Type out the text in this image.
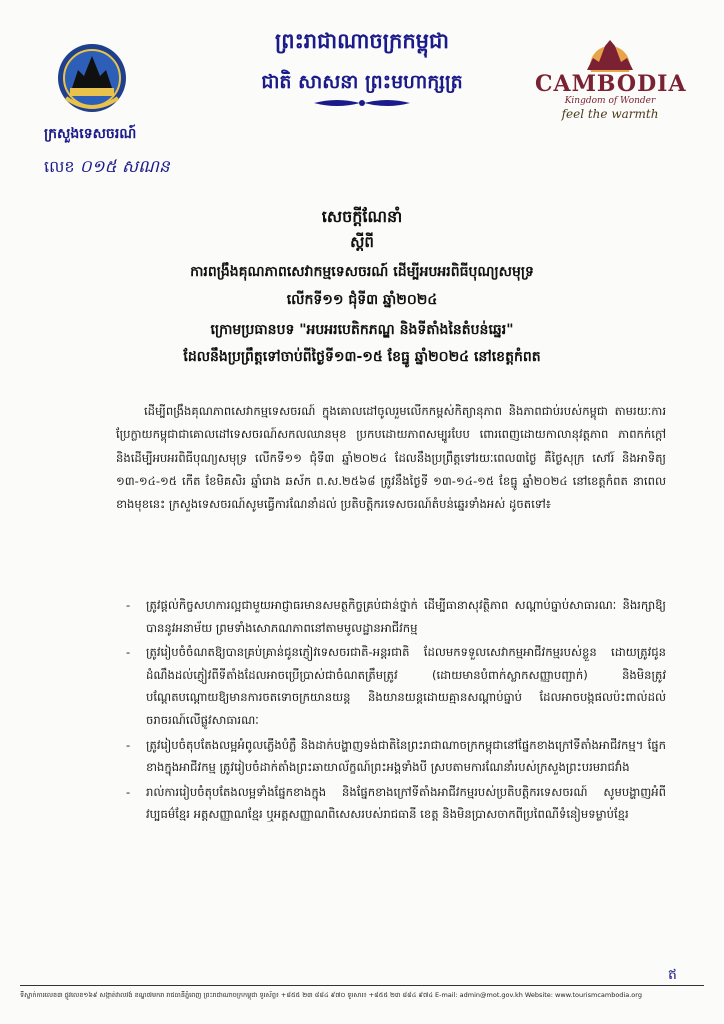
ព្រះរាជាណាចក្រកម្ពុជា
ជាតិ សាសនា ព្រះមហាក្សត្រ
ក្រសួងទេសចរណ៍
លេខ ០១៥ សណន
CAMBODIA
Kingdom of Wonder
feel the warmth
សេចក្តីណែនាំ
ស្តីពី
ការពង្រឹងគុណភាពសេវាកម្មទេសចរណ៍ ដើម្បីអបអរពិធីបុណ្យសមុទ្រ
លើកទី១១ ជុំទី៣ ឆ្នាំ២០២៤
ក្រោមប្រធានបទ "អបអរបេតិកភណ្ឌ និងទីតាំងនៃតំបន់ឆ្នេរ"
ដែលនឹងប្រព្រឹត្តទៅចាប់ពីថ្ងៃទី១៣-១៥ ខែធ្នូ ឆ្នាំ២០២៤ នៅខេត្តកំពត
ដើម្បីពង្រឹងគុណភាពសេវាកម្មទេសចរណ៍ ក្នុងគោលដៅចូលរួមលើកកម្ពស់កិត្យានុភាព និងភាពជាប់របស់កម្ពុជា តាមរយៈការប្រែក្លាយកម្ពុជាជាគោលដៅទេសចរណ៍សកលឈានមុខ ប្រកបដោយភាពសម្បូរបែប ពោរពេញដោយកាលានុវត្តភាព ភាពកក់ក្តៅ និងដើម្បីអបអរពិធីបុណ្យសមុទ្រ លើកទី១១ ជុំទី៣ ឆ្នាំ២០២៤ ដែលនឹងប្រព្រឹត្តទៅរយៈពេល៣ថ្ងៃ គឺថ្ងៃសុក្រ សៅរ៍ និងអាទិត្យ ១៣-១៤-១៥ កើត ខែមិគសិរ ឆ្នាំរោង ឆស័ក ព.ស.២៥៦៨ ត្រូវនឹងថ្ងៃទី ១៣-១៤-១៥ ខែធ្នូ ឆ្នាំ២០២៤ នៅខេត្តកំពត នាពេលខាងមុខនេះ ក្រសួងទេសចរណ៍សូមធ្វើការណែនាំដល់ ប្រតិបត្តិករទេសចរណ៍តំបន់ឆ្នេរទាំងអស់ ដូចតទៅ៖
- ត្រូវផ្តល់កិច្ចសហការល្អជាមួយអាជ្ញាធរមានសមត្ថកិច្ចគ្រប់ជាន់ថ្នាក់ ដើម្បីធានាសុវត្ថិភាព សណ្តាប់ធ្នាប់សាធារណៈ និងរក្សាឱ្យបាននូវអនាម័យ ព្រមទាំងសោភណភាពនៅតាមមូលដ្ឋានអាជីវកម្ម
- ត្រូវរៀបចំចំណតឱ្យបានគ្រប់គ្រាន់ជូនភ្ញៀវទេសចរជាតិ-អន្តរជាតិ ដែលមកទទួលសេវាកម្មអាជីវកម្មរបស់ខ្លួន ដោយត្រូវជូនដំណឹងដល់ភ្ញៀវពីទីតាំងដែលអាចប្រើប្រាស់ជាចំណតត្រឹមត្រូវ (ដោយមានបំពាក់ស្លាកសញ្ញាបញ្ជាក់) និងមិនត្រូវបណ្តែតបណ្តោយឱ្យមានការចតទោចក្រយានយន្ត និងយានយន្តដោយគ្មានសណ្តាប់ធ្នាប់ ដែលអាចបង្កផលប៉ះពាល់ដល់ចរាចរណ៍លើផ្លូវសាធារណៈ
- ត្រូវរៀបចំតុបតែងលម្អអំពូលភ្លើងបំភ្លឺ និងដាក់បង្ហាញទង់ជាតិនៃព្រះរាជាណាចក្រកម្ពុជានៅផ្នែកខាងក្រៅទីតាំងអាជីវកម្ម។ ផ្នែកខាងក្នុងអាជីវកម្ម ត្រូវរៀបចំដាក់តាំងព្រះឆាយាល័ក្ខណ៍ព្រះអង្គទាំងបី ស្របតាមការណែនាំរបស់ក្រសួងព្រះបរមរាជវាំង
- រាល់ការរៀបចំតុបតែងលម្អទាំងផ្នែកខាងក្នុង និងផ្នែកខាងក្រៅទីតាំងអាជីវកម្មរបស់ប្រតិបត្តិករទេសចរណ៍ សូមបង្ហាញអំពីវប្បធម៌ខ្មែរ អត្តសញ្ញាណខ្មែរ ឬអត្តសញ្ញាណពិសេសរបស់រាជធានី ខេត្ត និងមិនប្រាសចាកពីប្រពៃណីទំនៀមទម្លាប់ខ្មែរ
ឥ
ទីស្នាក់ការលេខ៣ ផ្លូវលេខ១៦៩ សង្កាត់វាលវង់ ខណ្ឌ៧មករា រាជធានីភ្នំពេញ ព្រះរាជាណាចក្រកម្ពុជា ទូរស័ព្ទ៖ +៨៥៥ ២៣ ៨៨៤ ៩៧០ ទូរសារ៖ +៨៥៥ ២៣ ៨៨៤ ៩៧៤ E-mail: admin@mot.gov.kh Website: www.tourismcambodia.org
